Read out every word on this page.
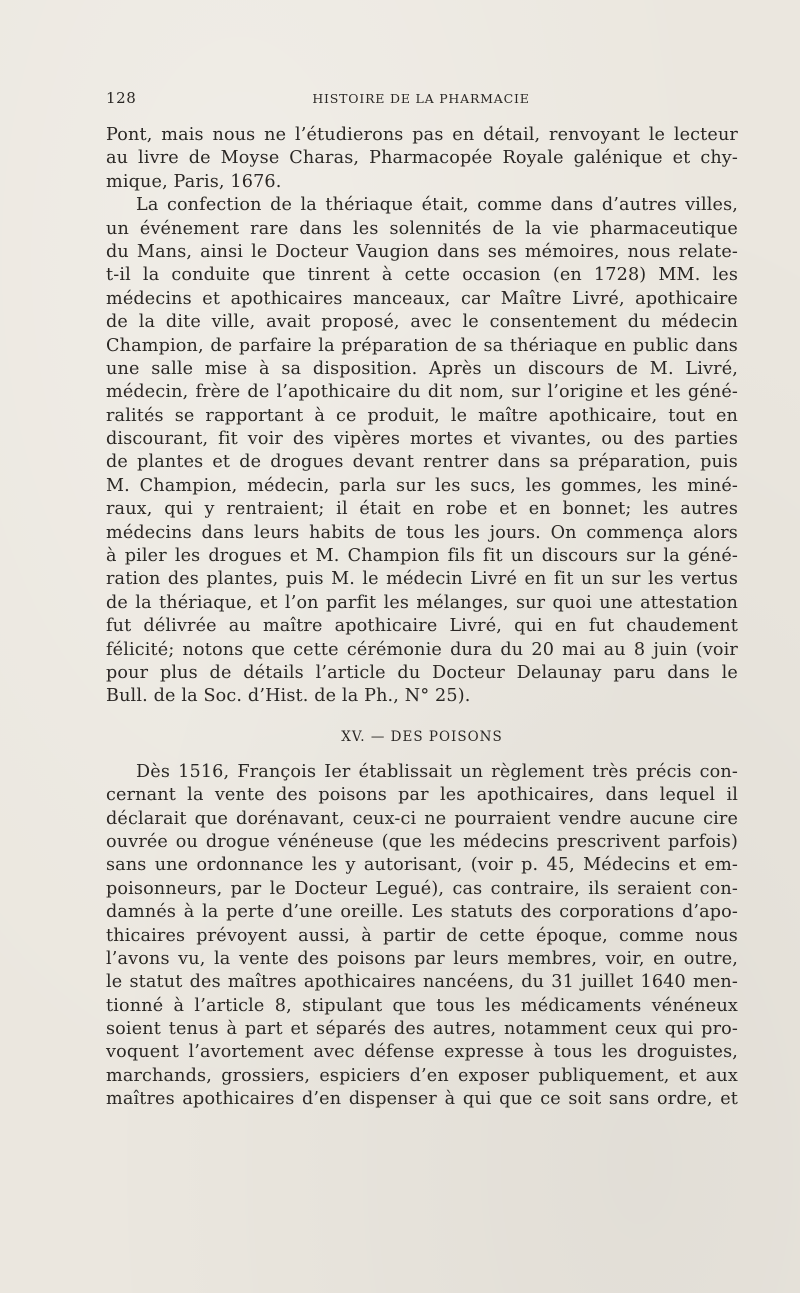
128	HISTOIRE DE LA PHARMACIE
Pont, mais nous ne l’étudierons pas en détail, renvoyant le lecteur
au livre de Moyse Charas, Pharmacopée Royale galénique et chy-
mique, Paris, 1676.
La confection de la thériaque était, comme dans d’autres villes,
un événement rare dans les solennités de la vie pharmaceutique
du Mans, ainsi le Docteur Vaugion dans ses mémoires, nous relate-
t-il la conduite que tinrent à cette occasion (en 1728) MM. les
médecins et apothicaires manceaux, car Maître Livré, apothicaire
de la dite ville, avait proposé, avec le consentement du médecin
Champion, de parfaire la préparation de sa thériaque en public dans
une salle mise à sa disposition. Après un discours de M. Livré,
médecin, frère de l’apothicaire du dit nom, sur l’origine et les géné-
ralités se rapportant à ce produit, le maître apothicaire, tout en
discourant, fit voir des vipères mortes et vivantes, ou des parties
de plantes et de drogues devant rentrer dans sa préparation, puis
M. Champion, médecin, parla sur les sucs, les gommes, les miné-
raux, qui y rentraient; il était en robe et en bonnet; les autres
médecins dans leurs habits de tous les jours. On commença alors
à piler les drogues et M. Champion fils fit un discours sur la géné-
ration des plantes, puis M. le médecin Livré en fit un sur les vertus
de la thériaque, et l’on parfit les mélanges, sur quoi une attestation
fut délivrée au maître apothicaire Livré, qui en fut chaudement
félicité; notons que cette cérémonie dura du 20 mai au 8 juin (voir
pour plus de détails l’article du Docteur Delaunay paru dans le
Bull. de la Soc. d’Hist. de la Ph., N° 25).
XV. — DES POISONS
Dès 1516, François Ier établissait un règlement très précis con-
cernant la vente des poisons par les apothicaires, dans lequel il
déclarait que dorénavant, ceux-ci ne pourraient vendre aucune cire
ouvrée ou drogue vénéneuse (que les médecins prescrivent parfois)
sans une ordonnance les y autorisant, (voir p. 45, Médecins et em-
poisonneurs, par le Docteur Legué), cas contraire, ils seraient con-
damnés à la perte d’une oreille. Les statuts des corporations d’apo-
thicaires prévoyent aussi, à partir de cette époque, comme nous
l’avons vu, la vente des poisons par leurs membres, voir, en outre,
le statut des maîtres apothicaires nancéens, du 31 juillet 1640 men-
tionné à l’article 8, stipulant que tous les médicaments vénéneux
soient tenus à part et séparés des autres, notamment ceux qui pro-
voquent l’avortement avec défense expresse à tous les droguistes,
marchands, grossiers, espiciers d’en exposer publiquement, et aux
maîtres apothicaires d’en dispenser à qui que ce soit sans ordre, et
